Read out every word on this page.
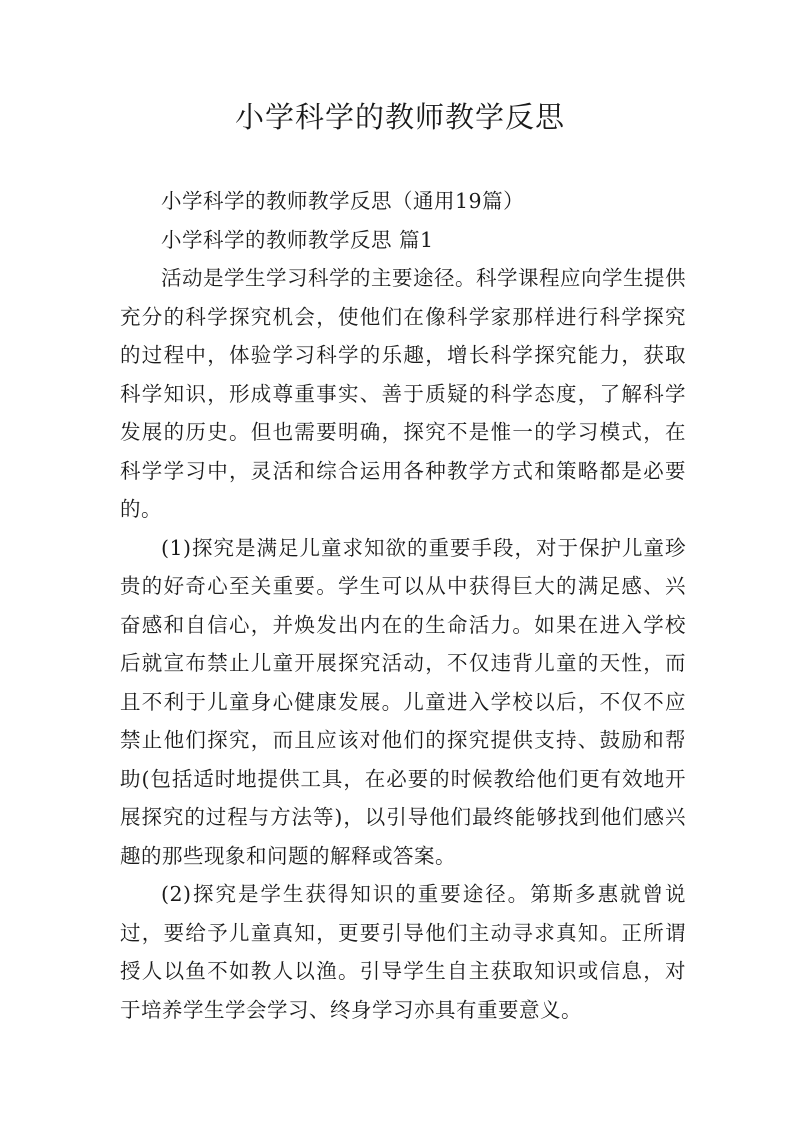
小学科学的教师教学反思

小学科学的教师教学反思（通用19篇）

小学科学的教师教学反思 篇1

活动是学生学习科学的主要途径。科学课程应向学生提供充分的科学探究机会，使他们在像科学家那样进行科学探究的过程中，体验学习科学的乐趣，增长科学探究能力，获取科学知识，形成尊重事实、善于质疑的科学态度，了解科学发展的历史。但也需要明确，探究不是惟一的学习模式，在科学学习中，灵活和综合运用各种教学方式和策略都是必要的。

(1)探究是满足儿童求知欲的重要手段，对于保护儿童珍贵的好奇心至关重要。学生可以从中获得巨大的满足感、兴奋感和自信心，并焕发出内在的生命活力。如果在进入学校后就宣布禁止儿童开展探究活动，不仅违背儿童的天性，而且不利于儿童身心健康发展。儿童进入学校以后，不仅不应禁止他们探究，而且应该对他们的探究提供支持、鼓励和帮助(包括适时地提供工具，在必要的时候教给他们更有效地开展探究的过程与方法等)，以引导他们最终能够找到他们感兴趣的那些现象和问题的解释或答案。

(2)探究是学生获得知识的重要途径。第斯多惠就曾说过，要给予儿童真知，更要引导他们主动寻求真知。正所谓授人以鱼不如教人以渔。引导学生自主获取知识或信息，对于培养学生学会学习、终身学习亦具有重要意义。
